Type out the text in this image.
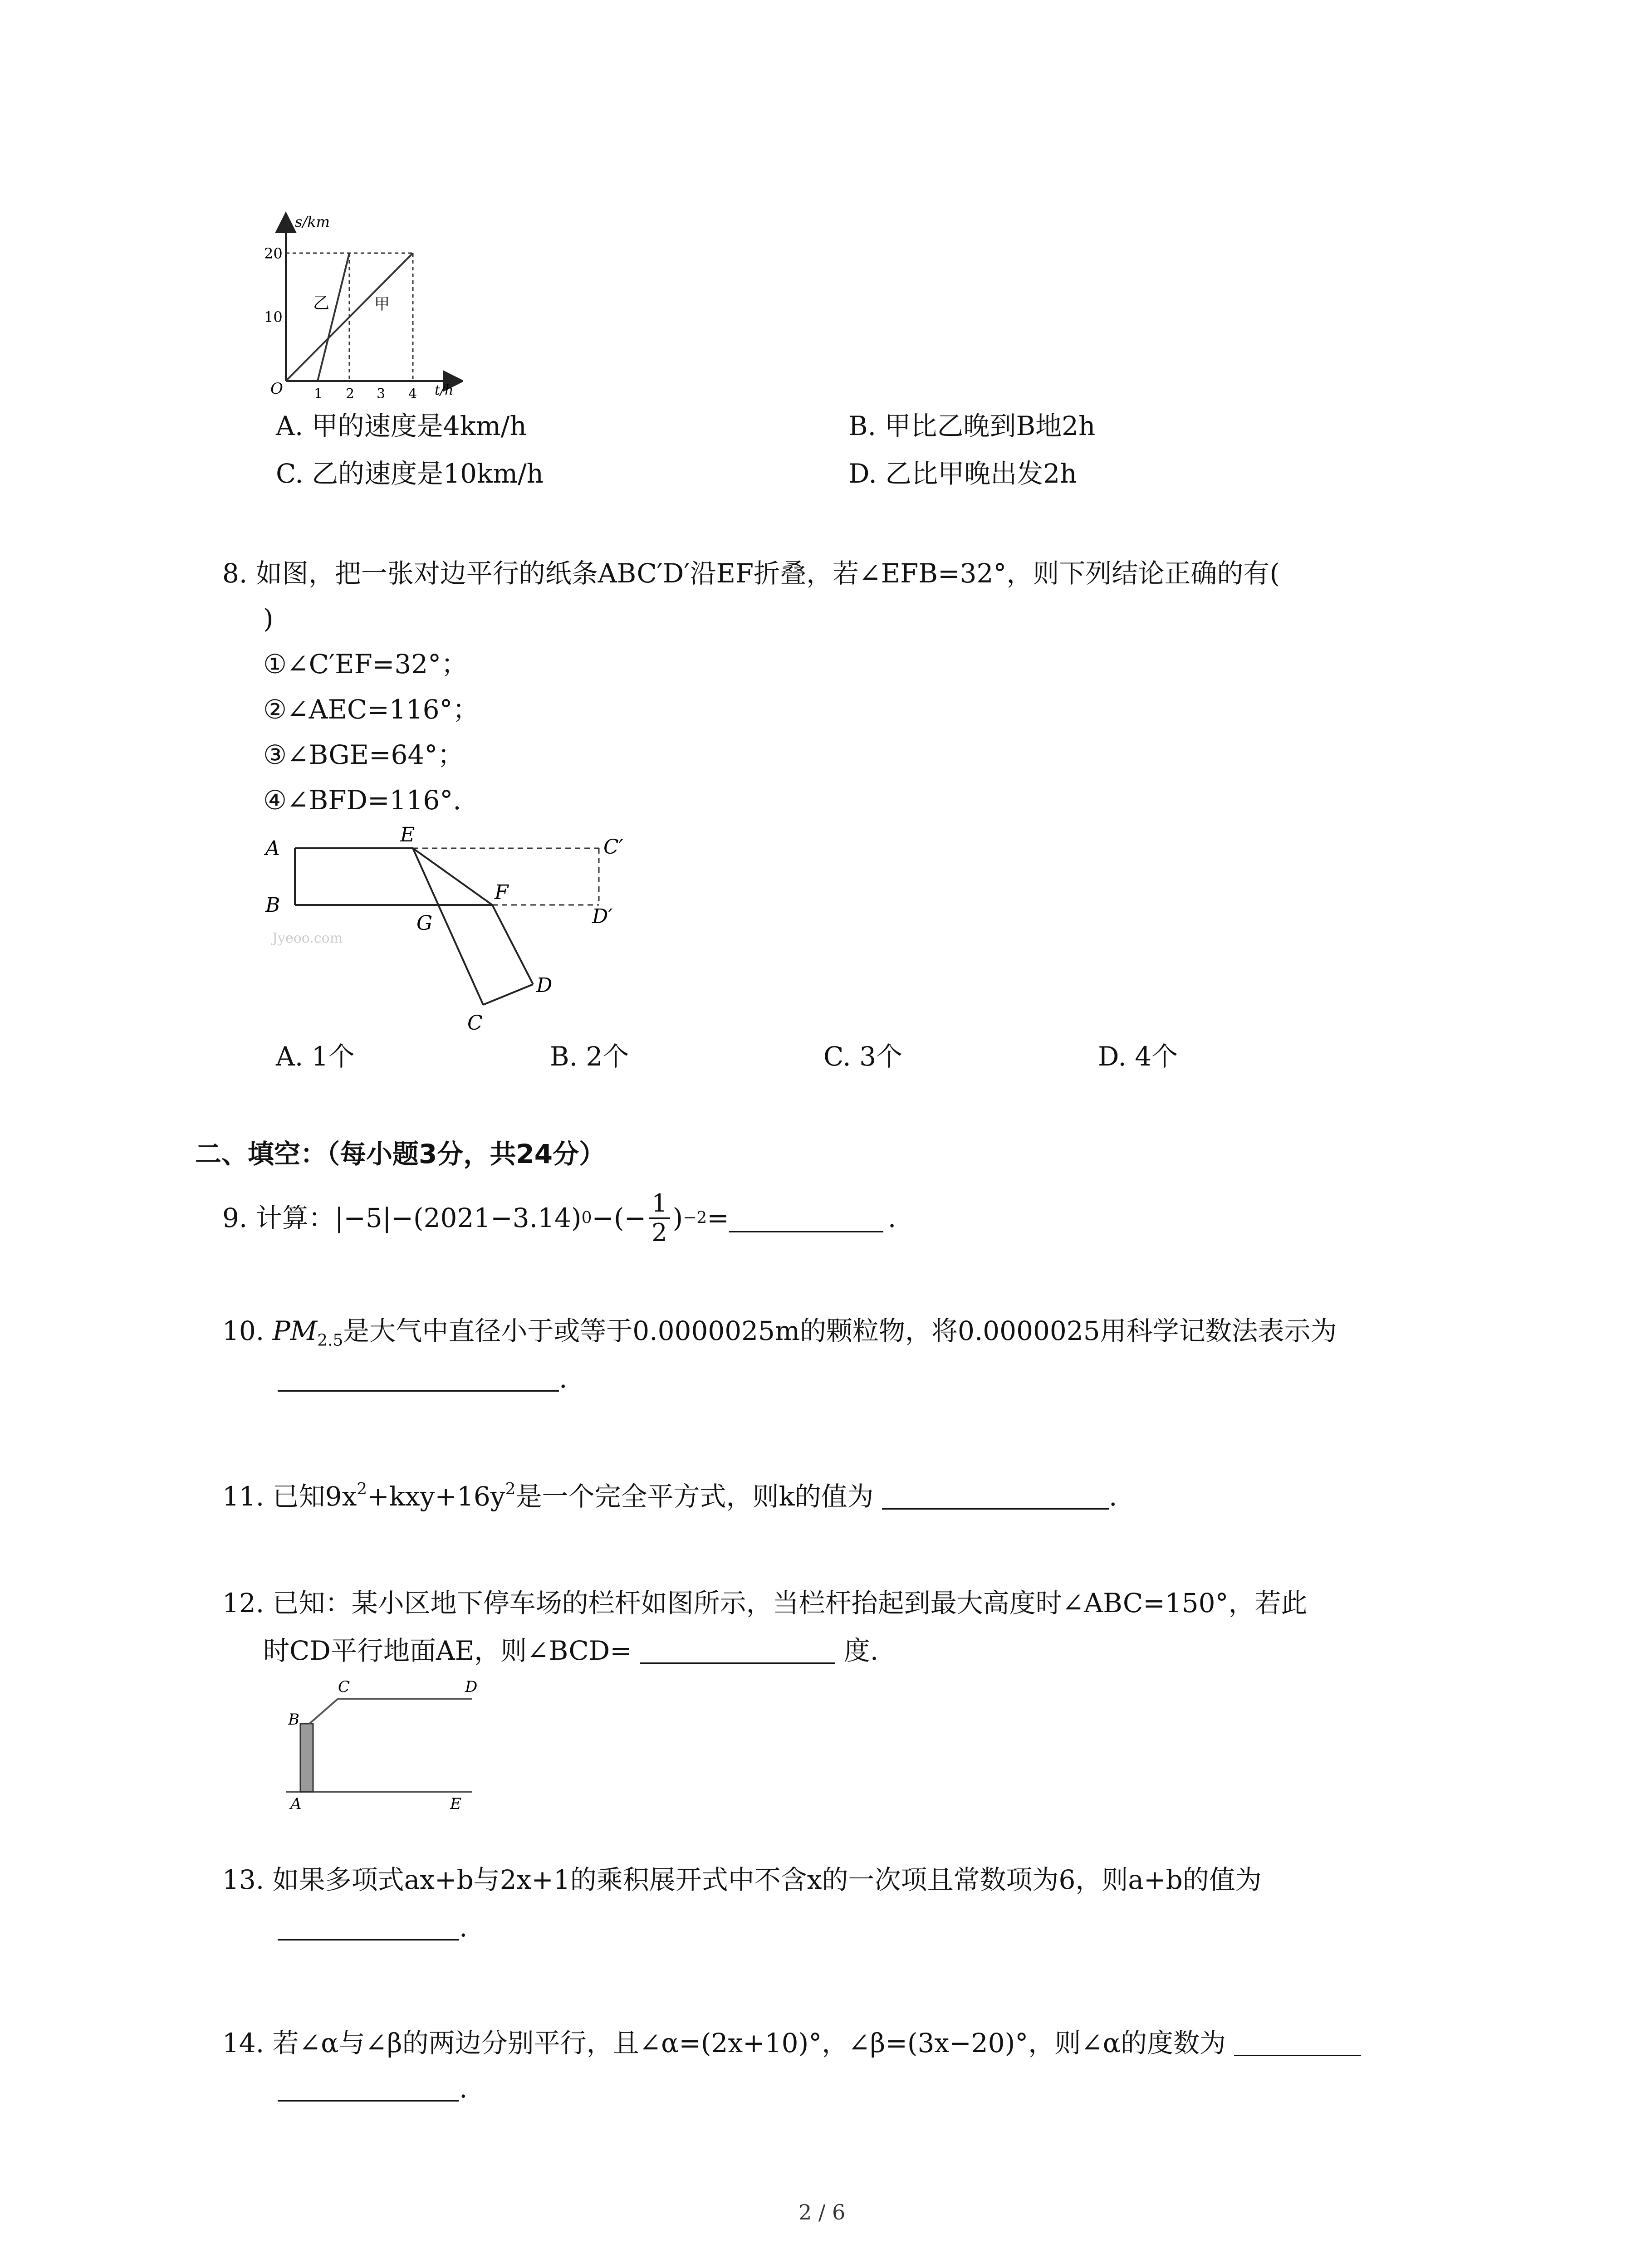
s/km
t/h
O
20
10
1 2 3 4
乙	甲
A. 甲的速度是4km/h	B. 甲比乙晚到B地2h
C. 乙的速度是10km/h	D. 乙比甲晚出发2h
8. 如图，把一张对边平行的纸条ABC′D′沿EF折叠，若∠EFB=32°，则下列结论正确的有(
)
①∠C′EF=32°；
②∠AEC=116°；
③∠BGE=64°；
④∠BFD=116°.
A
B
E
F
G
C
D
C′
D′
Jyeoo.com
A. 1个	B. 2个	C. 3个	D. 4个
二、填空：（每小题3分，共24分）
9. 计算：|−5|−(2021−3.14) 0 −(− $\frac{1}{2}$ ) −2 =	.
10. $PM_{2.5}$是大气中直径小于或等于0.0000025m的颗粒物，将0.0000025用科学记数法表示为
.
11. 已知$9x^2+kxy+16y^2$是一个完全平方式，则k的值为	.
12. 已知：某小区地下停车场的栏杆如图所示，当栏杆抬起到最大高度时∠ABC=150°，若此
时CD平行地面AE，则∠BCD=	度.
B
C	D
A	E
13. 如果多项式ax+b与2x+1的乘积展开式中不含x的一次项且常数项为6，则a+b的值为
.
14. 若∠α与∠β的两边分别平行，且∠α=(2x+10)°，∠β=(3x−20)°，则∠α的度数为
.
2 / 6
